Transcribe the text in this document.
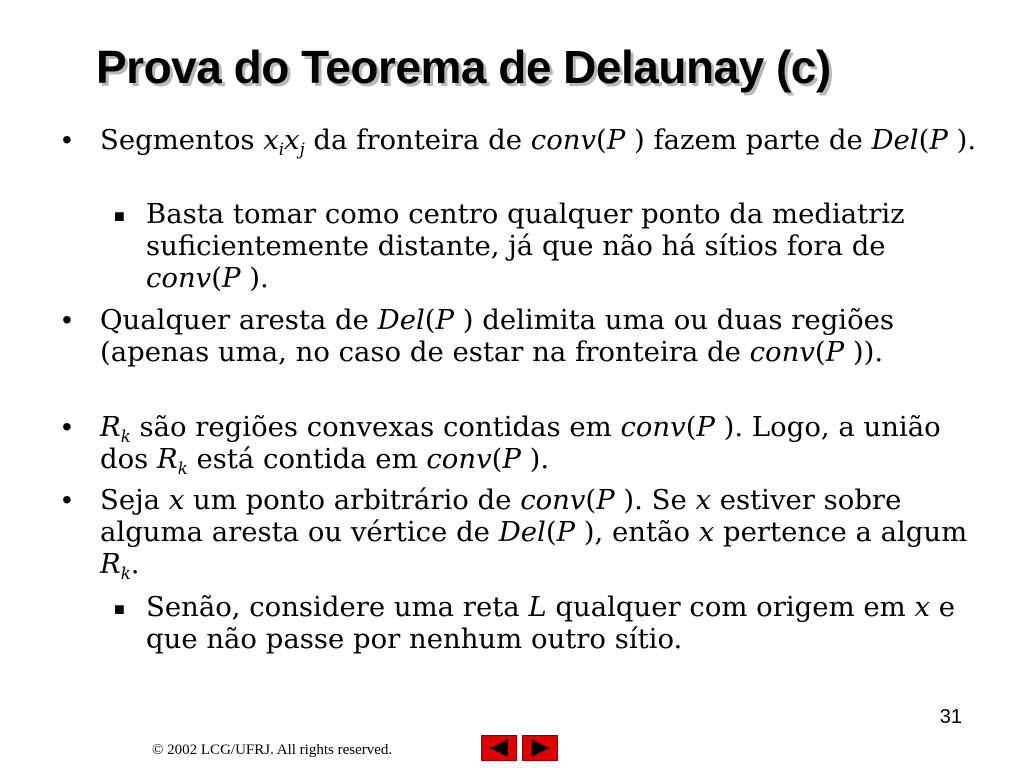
Prova do Teorema de Delaunay (c)
• Segmentos $x_ix_j$ da fronteira de conv(P ) fazem parte de Del(P ).
■ Basta tomar como centro qualquer ponto da mediatriz suficientemente distante, já que não há sítios fora de conv(P ).
• Qualquer aresta de Del(P ) delimita uma ou duas regiões (apenas uma, no caso de estar na fronteira de conv(P )).
• $R_k$ são regiões convexas contidas em conv(P ). Logo, a união dos $R_k$ está contida em conv(P ).
• Seja x um ponto arbitrário de conv(P ). Se x estiver sobre alguma aresta ou vértice de Del(P ), então x pertence a algum $R_k$.
■ Senão, considere uma reta L qualquer com origem em x e que não passe por nenhum outro sítio.
31
© 2002 LCG/UFRJ. All rights reserved.
